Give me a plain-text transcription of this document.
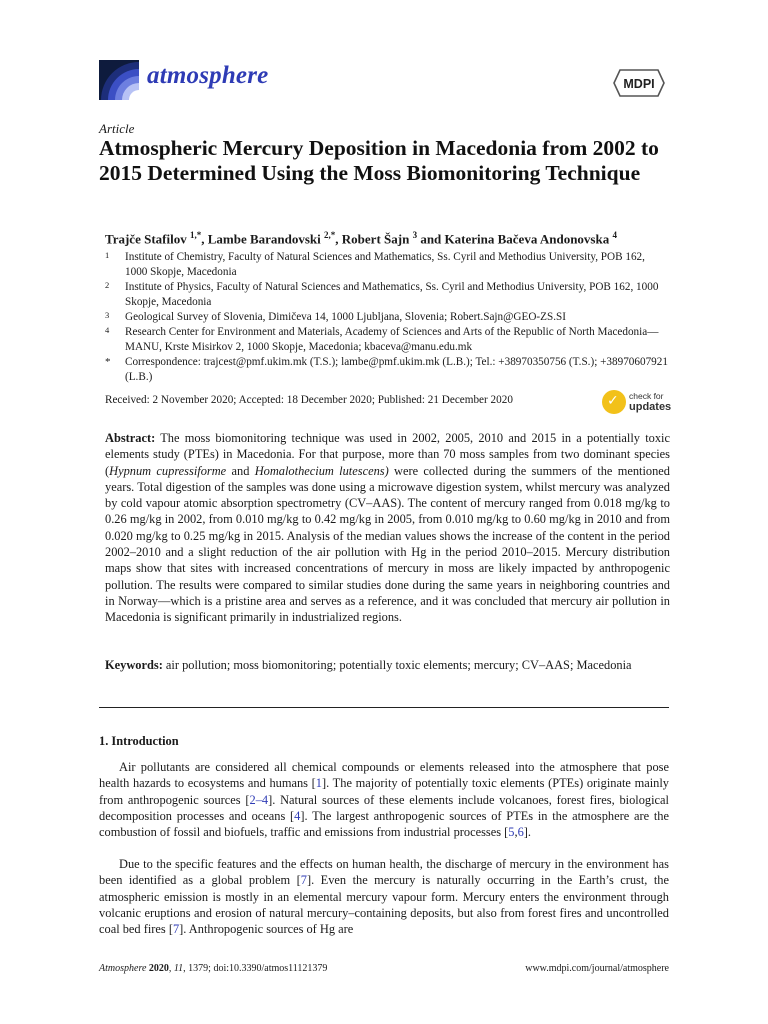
atmosphere	MDPI
Article
Atmospheric Mercury Deposition in Macedonia from 2002 to 2015 Determined Using the Moss Biomonitoring Technique
Trajče Stafilov $^{1,*}$, Lambe Barandovski $^{2,*}$, Robert Šajn $^3$ and Katerina Bačeva Andonovska $^4$
1 Institute of Chemistry, Faculty of Natural Sciences and Mathematics, Ss. Cyril and Methodius University, POB 162, 1000 Skopje, Macedonia
2 Institute of Physics, Faculty of Natural Sciences and Mathematics, Ss. Cyril and Methodius University, POB 162, 1000 Skopje, Macedonia
3 Geological Survey of Slovenia, Dimičeva 14, 1000 Ljubljana, Slovenia; Robert.Sajn@GEO-ZS.SI
4 Research Center for Environment and Materials, Academy of Sciences and Arts of the Republic of North Macedonia—MANU, Krste Misirkov 2, 1000 Skopje, Macedonia; kbaceva@manu.edu.mk
* Correspondence: trajcest@pmf.ukim.mk (T.S.); lambe@pmf.ukim.mk (L.B.); Tel.: +38970350756 (T.S.); +38970607921 (L.B.)
Received: 2 November 2020; Accepted: 18 December 2020; Published: 21 December 2020	✓ check for
updates

Abstract: The moss biomonitoring technique was used in 2002, 2005, 2010 and 2015 in a potentially toxic elements study (PTEs) in Macedonia. For that purpose, more than 70 moss samples from two dominant species (Hypnum cupressiforme and Homalothecium lutescens) were collected during the summers of the mentioned years. Total digestion of the samples was done using a microwave digestion system, whilst mercury was analyzed by cold vapour atomic absorption spectrometry (CV–AAS). The content of mercury ranged from 0.018 mg/kg to 0.26 mg/kg in 2002, from 0.010 mg/kg to 0.42 mg/kg in 2005, from 0.010 mg/kg to 0.60 mg/kg in 2010 and from 0.020 mg/kg to 0.25 mg/kg in 2015. Analysis of the median values shows the increase of the content in the period 2002–2010 and a slight reduction of the air pollution with Hg in the period 2010–2015. Mercury distribution maps show that sites with increased concentrations of mercury in moss are likely impacted by anthropogenic pollution. The results were compared to similar studies done during the same years in neighboring countries and in Norway—which is a pristine area and serves as a reference, and it was concluded that mercury air pollution in Macedonia is significant primarily in industrialized regions.

Keywords: air pollution; moss biomonitoring; potentially toxic elements; mercury; CV–AAS; Macedonia

1. Introduction

Air pollutants are considered all chemical compounds or elements released into the atmosphere that pose health hazards to ecosystems and humans [1]. The majority of potentially toxic elements (PTEs) originate mainly from anthropogenic sources [2–4]. Natural sources of these elements include volcanoes, forest fires, biological decomposition processes and oceans [4]. The largest anthropogenic sources of PTEs in the atmosphere are the combustion of fossil and biofuels, traffic and emissions from industrial processes [5,6].

Due to the specific features and the effects on human health, the discharge of mercury in the environment has been identified as a global problem [7]. Even the mercury is naturally occurring in the Earth’s crust, the atmospheric emission is mostly in an elemental mercury vapour form. Mercury enters the environment through volcanic eruptions and erosion of natural mercury–containing deposits, but also from forest fires and uncontrolled coal bed fires [7]. Anthropogenic sources of Hg are

Atmosphere 2020, 11, 1379; doi:10.3390/atmos11121379	www.mdpi.com/journal/atmosphere
